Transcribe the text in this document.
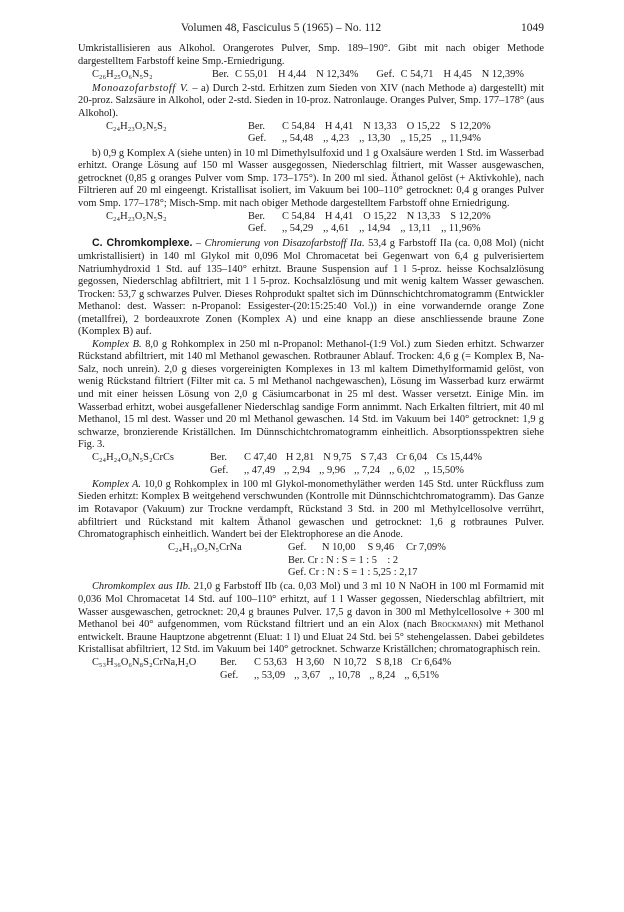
Volumen 48, Fasciculus 5 (1965) – No. 112	1049

Umkristallisieren aus Alkohol. Orangerotes Pulver, Smp. 189–190°. Gibt mit nach obiger Methode dargestelltem Farbstoff keine Smp.-Erniedrigung.

C₂₆H₂₅O₆N₅S₂	Ber. C 55,01 H 4,44 N 12,34% Gef. C 54,71 H 4,45 N 12,39%

Monoazofarbstoff V. – a) Durch 2-std. Erhitzen zum Sieden von XIV (nach Methode a) dargestellt) mit 20-proz. Salzsäure in Alkohol, oder 2-std. Sieden in 10-proz. Natronlauge. Oranges Pulver, Smp. 177–178° (aus Alkohol).

C₂₄H₂₃O₅N₅S₂	Ber.	C 54,84 H 4,41 N 13,33 O 15,22 S 12,20%
Gef.	,, 54,48 ,, 4,23 ,, 13,30 ,, 15,25 ,, 11,94%

b) 0,9 g Komplex A (siehe unten) in 10 ml Dimethylsulfoxid und 1 g Oxalsäure werden 1 Std. im Wasserbad erhitzt. Orange Lösung auf 150 ml Wasser ausgegossen, Niederschlag filtriert, mit Wasser ausgewaschen, getrocknet (0,85 g oranges Pulver vom Smp. 173–175°). In 200 ml sied. Äthanol gelöst (+ Aktivkohle), nach Filtrieren auf 20 ml eingeengt. Kristallisat isoliert, im Vakuum bei 100–110° getrocknet: 0,4 g oranges Pulver vom Smp. 177–178°; Misch-Smp. mit nach obiger Methode dargestelltem Farbstoff ohne Erniedrigung.

C₂₄H₂₃O₅N₅S₂	Ber.	C 54,84 H 4,41 O 15,22 N 13,33 S 12,20%
Gef.	,, 54,29 ,, 4,61 ,, 14,94 ,, 13,11 ,, 11,96%

C. Chromkomplexe. – Chromierung von Disazofarbstoff IIa. 53,4 g Farbstoff IIa (ca. 0,08 Mol) (nicht umkristallisiert) in 140 ml Glykol mit 0,096 Mol Chromacetat bei Gegenwart von 6,4 g pulverisiertem Natriumhydroxid 1 Std. auf 135–140° erhitzt. Braune Suspension auf 1 l 5-proz. heisse Kochsalzlösung gegossen, Niederschlag abfiltriert, mit 1 l 5-proz. Kochsalzlösung und mit wenig kaltem Wasser gewaschen. Trocken: 53,7 g schwarzes Pulver. Dieses Rohprodukt spaltet sich im Dünnschichtchromatogramm (Entwickler Methanol: dest. Wasser: n-Propanol: Essigester-(20:15:25:40 Vol.)) in eine vorwandernde orange Zone (metallfrei), 2 bordeauxrote Zonen (Komplex A) und eine knapp an diese anschliessende braune Zone (Komplex B) auf.

Komplex B. 8,0 g Rohkomplex in 250 ml n-Propanol: Methanol-(1:9 Vol.) zum Sieden erhitzt. Schwarzer Rückstand abfiltriert, mit 140 ml Methanol gewaschen. Rotbrauner Ablauf. Trocken: 4,6 g (= Komplex B, Na-Salz, noch unrein). 2,0 g dieses vorgereinigten Komplexes in 13 ml kaltem Dimethylformamid gelöst, von wenig Rückstand filtriert (Filter mit ca. 5 ml Methanol nachgewaschen), Lösung im Wasserbad kurz erwärmt und mit einer heissen Lösung von 2,0 g Cäsiumcarbonat in 25 ml dest. Wasser versetzt. Einige Min. im Wasserbad erhitzt, wobei ausgefallener Niederschlag sandige Form annimmt. Nach Erkalten filtriert, mit 40 ml Methanol, 15 ml dest. Wasser und 20 ml Methanol gewaschen. 14 Std. im Vakuum bei 140° getrocknet: 1,9 g schwarze, bronzierende Kriställchen. Im Dünnschichtchromatogramm einheitlich. Absorptionsspektren siehe Fig. 3.

C₂₄H₂₄O₆N₅S₂CrCs	Ber.	C 47,40 H 2,81 N 9,75 S 7,43 Cr 6,04 Cs 15,44%
Gef.	,, 47,49 ,, 2,94 ,, 9,96 ,, 7,24 ,, 6,02 ,, 15,50%

Komplex A. 10,0 g Rohkomplex in 100 ml Glykol-monomethyläther werden 145 Std. unter Rückfluss zum Sieden erhitzt: Komplex B weitgehend verschwunden (Kontrolle mit Dünnschichtchromatogramm). Das Ganze im Rotavapor (Vakuum) zur Trockne verdampft, Rückstand 3 Std. in 200 ml Methylcellosolve verrührt, abfiltriert und Rückstand mit kaltem Äthanol gewaschen und getrocknet: 1,6 g rotbraunes Pulver. Chromatographisch einheitlich. Wandert bei der Elektrophorese an die Anode.

C₂₄H₁₉O₅N₅CrNa	Gef.	N 10,00 S 9,46 Cr 7,09%
Ber. Cr : N : S = 1 : 5    : 2
Gef. Cr : N : S = 1 : 5,25 : 2,17

Chromkomplex aus IIb. 21,0 g Farbstoff IIb (ca. 0,03 Mol) und 3 ml 10 N NaOH in 100 ml Formamid mit 0,036 Mol Chromacetat 14 Std. auf 100–110° erhitzt, auf 1 l Wasser gegossen, Niederschlag abfiltriert, mit Wasser ausgewaschen, getrocknet: 20,4 g braunes Pulver. 17,5 g davon in 300 ml Methylcellosolve + 300 ml Methanol bei 40° aufgenommen, vom Rückstand filtriert und an ein Alox (nach Brockmann) mit Methanol entwickelt. Braune Hauptzone abgetrennt (Eluat: 1 l) und Eluat 24 Std. bei 5° stehengelassen. Dabei gebildetes Kristallisat abfiltriert, 12 Std. im Vakuum bei 140° getrocknet. Schwarze Kriställchen; chromatographisch rein.

C₅₃H₃₆O₆N₈S₂CrNa,H₂O	Ber.	C 53,63 H 3,60 N 10,72 S 8,18 Cr 6,64%
Gef.	,, 53,09 ,, 3,67 ,, 10,78 ,, 8,24 ,, 6,51%
